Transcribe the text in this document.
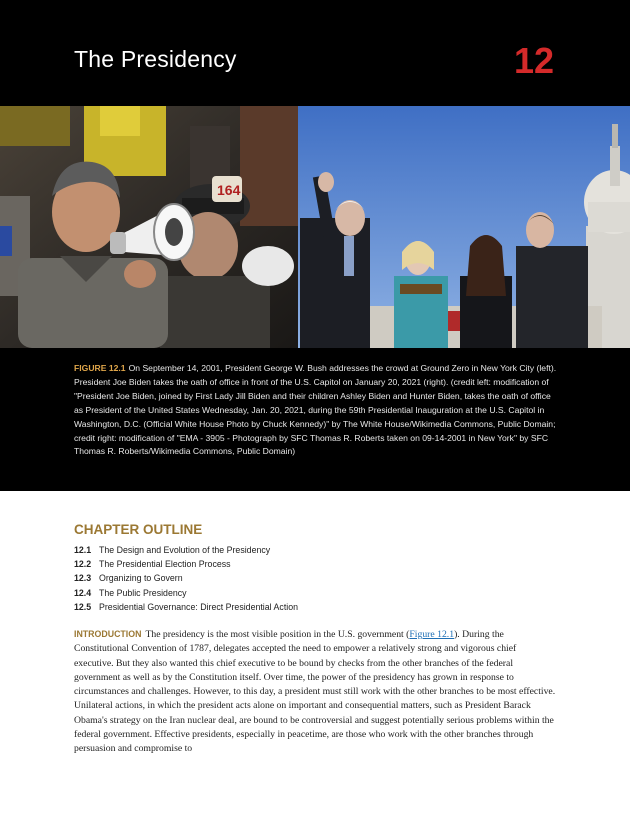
The Presidency	12
164
FIGURE 12.1 On September 14, 2001, President George W. Bush addresses the crowd at Ground Zero in New York City (left). President Joe Biden takes the oath of office in front of the U.S. Capitol on January 20, 2021 (right). (credit left: modification of "President Joe Biden, joined by First Lady Jill Biden and their children Ashley Biden and Hunter Biden, takes the oath of office as President of the United States Wednesday, Jan. 20, 2021, during the 59th Presidential Inauguration at the U.S. Capitol in Washington, D.C. (Official White House Photo by Chuck Kennedy)" by The White House/Wikimedia Commons, Public Domain; credit right: modification of "EMA - 3905 - Photograph by SFC Thomas R. Roberts taken on 09-14-2001 in New York" by SFC Thomas R. Roberts/Wikimedia Commons, Public Domain)
CHAPTER OUTLINE
12.1 The Design and Evolution of the Presidency
12.2 The Presidential Election Process
12.3 Organizing to Govern
12.4 The Public Presidency
12.5 Presidential Governance: Direct Presidential Action
INTRODUCTION The presidency is the most visible position in the U.S. government (Figure 12.1). During the Constitutional Convention of 1787, delegates accepted the need to empower a relatively strong and vigorous chief executive. But they also wanted this chief executive to be bound by checks from the other branches of the federal government as well as by the Constitution itself. Over time, the power of the presidency has grown in response to circumstances and challenges. However, to this day, a president must still work with the other branches to be most effective. Unilateral actions, in which the president acts alone on important and consequential matters, such as President Barack Obama's strategy on the Iran nuclear deal, are bound to be controversial and suggest potentially serious problems within the federal government. Effective presidents, especially in peacetime, are those who work with the other branches through persuasion and compromise to
